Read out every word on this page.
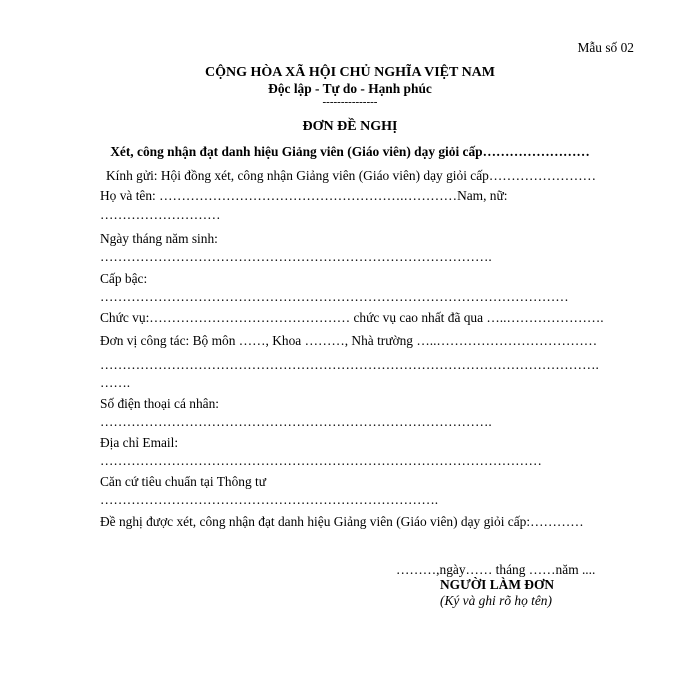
Mẫu số 02
CỘNG HÒA XÃ HỘI CHỦ NGHĨA VIỆT NAM
Độc lập - Tự do - Hạnh phúc
---------------
ĐƠN ĐỀ NGHỊ
Xét, công nhận đạt danh hiệu Giảng viên (Giáo viên) dạy giỏi cấp……………………
Kính gửi: Hội đồng xét, công nhận Giảng viên (Giáo viên) dạy giỏi cấp……………………
Họ và tên: ……………………………………………….…………Nam, nữ:
………………………
Ngày tháng năm sinh:
…………………………………………………………………………….
Cấp bậc:
……………………………………………………………………………………………
Chức vụ:……………………………………… chức vụ cao nhất đã qua …..………………….
Đơn vị công tác: Bộ môn ……, Khoa ………, Nhà trường …..………………………………
………………………………………………………………………………………………….
…….
Số điện thoại cá nhân:
…………………………………………………………………………….
Địa chỉ Email:
………………………………………………………………………………………
Căn cứ tiêu chuẩn tại Thông tư
………………………………………………………………….
Đề nghị được xét, công nhận đạt danh hiệu Giảng viên (Giáo viên) dạy giỏi cấp:…………
………,ngày…… tháng ……năm ....
NGƯỜI LÀM ĐƠN
(Ký và ghi rõ họ tên)
